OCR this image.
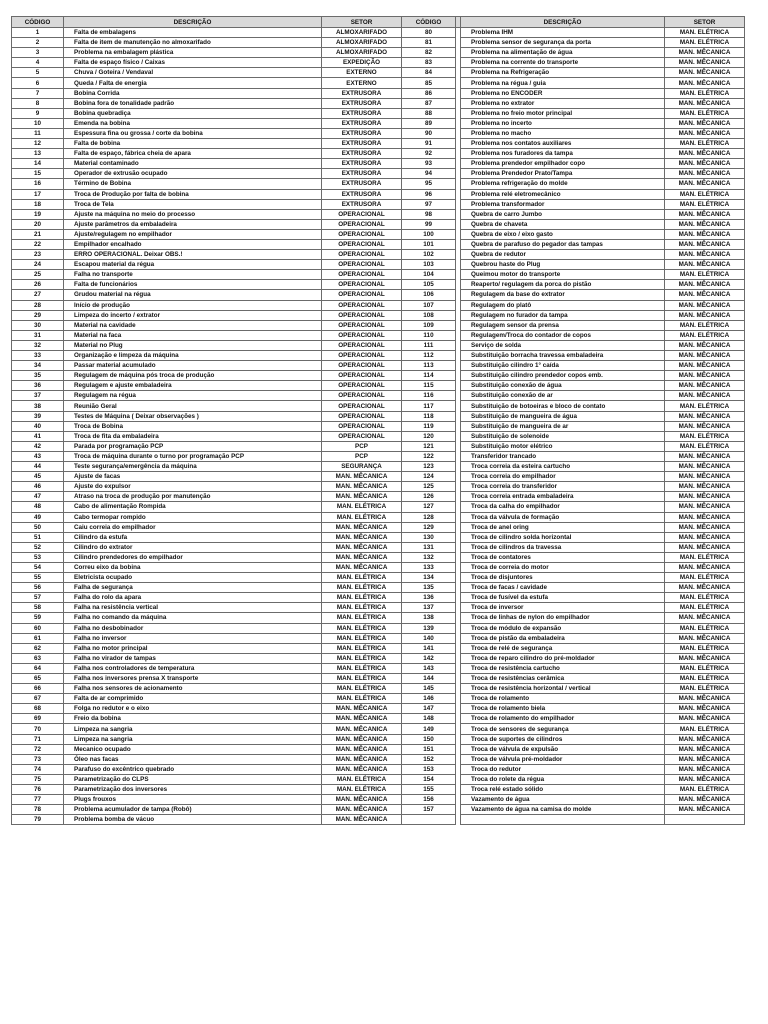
CÓDIGO	DESCRIÇÃO	SETOR	CÓDIGO		DESCRIÇÃO	SETOR
1	Falta de embalagens	ALMOXARIFADO	80		Problema IHM	MAN. ELÉTRICA
2	Falta de item de manutenção no almoxarifado	ALMOXARIFADO	81		Problema sensor de segurança da porta	MAN. ELÉTRICA
3	Problema na embalagem plástica	ALMOXARIFADO	82		Problema na alimentação de água	MAN. MÊCANICA
4	Falta de espaço físico / Caixas	EXPEDIÇÃO	83		Problema na corrente do transporte	MAN. MÊCANICA
5	Chuva / Goteira / Vendaval	EXTERNO	84		Problema na Refrigeração	MAN. MÊCANICA
6	Queda / Falta de energia	EXTERNO	85		Problema na régua / guia	MAN. MÊCANICA
7	Bobina Corrida	EXTRUSORA	86		Problema no ENCODER	MAN. ELÉTRICA
8	Bobina fora de tonalidade padrão	EXTRUSORA	87		Problema no extrator	MAN. MÊCANICA
9	Bobina quebradiça	EXTRUSORA	88		Problema no freio motor principal	MAN. ELÉTRICA
10	Emenda na bobina	EXTRUSORA	89		Problema no incerto	MAN. MÊCANICA
11	Espessura fina ou grossa / corte da bobina	EXTRUSORA	90		Problema no macho	MAN. MÊCANICA
12	Falta de bobina	EXTRUSORA	91		Problema nos contatos auxiliares	MAN. ELÉTRICA
13	Falta de espaço, fábrica cheia de apara	EXTRUSORA	92		Problema nos furadores da tampa	MAN. MÊCANICA
14	Material contaminado	EXTRUSORA	93		Problema prendedor empilhador copo	MAN. MÊCANICA
15	Operador de extrusão ocupado	EXTRUSORA	94		Problema Prendedor Prato/Tampa	MAN. MÊCANICA
16	Término de Bobina	EXTRUSORA	95		Problema refrigeração do molde	MAN. MÊCANICA
17	Troca de Produção por falta de bobina	EXTRUSORA	96		Problema relé eletromecânico	MAN. ELÉTRICA
18	Troca de Tela	EXTRUSORA	97		Problema transformador	MAN. ELÉTRICA
19	Ajuste na máquina no meio do processo	OPERACIONAL	98		Quebra de carro Jumbo	MAN. MÊCANICA
20	Ajuste parâmetros da embaladeira	OPERACIONAL	99		Quebra de chaveta	MAN. MÊCANICA
21	Ajuste/regulagem no empilhador	OPERACIONAL	100		Quebra de eixo / eixo gasto	MAN. MÊCANICA
22	Empilhador encalhado	OPERACIONAL	101		Quebra de parafuso do pegador das tampas	MAN. MÊCANICA
23	ERRO OPERACIONAL. Deixar OBS.!	OPERACIONAL	102		Quebra de redutor	MAN. MÊCANICA
24	Escapou material da régua	OPERACIONAL	103		Quebrou haste do Plug	MAN. MÊCANICA
25	Falha no transporte	OPERACIONAL	104		Queimou motor do transporte	MAN. ELÉTRICA
26	Falta de funcionários	OPERACIONAL	105		Reaperto/ regulagem da porca do pistão	MAN. MÊCANICA
27	Grudou material na régua	OPERACIONAL	106		Regulagem da base do extrator	MAN. MÊCANICA
28	Início de produção	OPERACIONAL	107		Regulagem do platô	MAN. MÊCANICA
29	Limpeza do incerto / extrator	OPERACIONAL	108		Regulagem no furador da tampa	MAN. MÊCANICA
30	Material na cavidade	OPERACIONAL	109		Regulagem sensor da prensa	MAN. ELÉTRICA
31	Material na faca	OPERACIONAL	110		Regulagem/Troca do contador de copos	MAN. ELÉTRICA
32	Material no Plug	OPERACIONAL	111		Serviço de solda	MAN. MÊCANICA
33	Organização e limpeza da máquina	OPERACIONAL	112		Substituição borracha travessa embaladeira	MAN. MÊCANICA
34	Passar material acumulado	OPERACIONAL	113		Substituição cilindro 1° caída	MAN. MÊCANICA
35	Regulagem de máquina pós troca de produção	OPERACIONAL	114		Substituição cilindro prendedor copos emb.	MAN. MÊCANICA
36	Regulagem e ajuste embaladeira	OPERACIONAL	115		Substituição conexão de água	MAN. MÊCANICA
37	Regulagem na régua	OPERACIONAL	116		Substituição conexão de ar	MAN. MÊCANICA
38	Reunião Geral	OPERACIONAL	117		Substituição de botoeiras e bloco de contato	MAN. ELÉTRICA
39	Testes de Máquina ( Deixar observações )	OPERACIONAL	118		Substituição de mangueira de água	MAN. MÊCANICA
40	Troca de Bobina	OPERACIONAL	119		Substituição de mangueira de ar	MAN. MÊCANICA
41	Troca de fita da embaladeira	OPERACIONAL	120		Substituição de solenoide	MAN. ELÉTRICA
42	Parada por programação PCP	PCP	121		Substituição motor elétrico	MAN. ELÉTRICA
43	Troca de máquina durante o turno por programação PCP	PCP	122		Transferidor trancado	MAN. MÊCANICA
44	Teste segurança/emergência da máquina	SEGURANÇA	123		Troca correia da esteira cartucho	MAN. MÊCANICA
45	Ajuste de facas	MAN. MÊCANICA	124		Troca correia do empilhador	MAN. MÊCANICA
46	Ajuste do expulsor	MAN. MÊCANICA	125		Troca correia do transferidor	MAN. MÊCANICA
47	Atraso na troca de produção por manutenção	MAN. MÊCANICA	126		Troca correia entrada embaladeira	MAN. MÊCANICA
48	Cabo de alimentação Rompida	MAN. ELÉTRICA	127		Troca da calha do empilhador	MAN. MÊCANICA
49	Cabo termopar rompido	MAN. ELÉTRICA	128		Troca da válvula de formação	MAN. MÊCANICA
50	Caiu correia do empilhador	MAN. MÊCANICA	129		Troca de anel oring	MAN. MÊCANICA
51	Cilindro da estufa	MAN. MÊCANICA	130		Troca de cilindro solda horizontal	MAN. MÊCANICA
52	Cilindro do extrator	MAN. MÊCANICA	131		Troca de cilindros da travessa	MAN. MÊCANICA
53	Cilindro prendedores do empilhador	MAN. MÊCANICA	132		Troca de contatores	MAN. ELÉTRICA
54	Correu eixo da bobina	MAN. MÊCANICA	133		Troca de correia do motor	MAN. MÊCANICA
55	Eletricista ocupado	MAN. ELÉTRICA	134		Troca de disjuntores	MAN. ELÉTRICA
56	Falha de segurança	MAN. ELÉTRICA	135		Troca de facas / cavidade	MAN. MÊCANICA
57	Falha do rolo da apara	MAN. ELÉTRICA	136		Troca de fusível da estufa	MAN. ELÉTRICA
58	Falha na resistência vertical	MAN. ELÉTRICA	137		Troca de inversor	MAN. ELÉTRICA
59	Falha no comando da máquina	MAN. ELÉTRICA	138		Troca de linhas de nylon do empilhador	MAN. MÊCANICA
60	Falha no desbobinador	MAN. ELÉTRICA	139		Troca de módulo de expansão	MAN. ELÉTRICA
61	Falha no inversor	MAN. ELÉTRICA	140		Troca de pistão da embaladeira	MAN. MÊCANICA
62	Falha no motor principal	MAN. ELÉTRICA	141		Troca de relé de segurança	MAN. ELÉTRICA
63	Falha no virador de tampas	MAN. ELÉTRICA	142		Troca de reparo cilindro do pré-moldador	MAN. MÊCANICA
64	Falha nos controladores de temperatura	MAN. ELÉTRICA	143		Troca de resistência cartucho	MAN. ELÉTRICA
65	Falha nos inversores prensa X transporte	MAN. ELÉTRICA	144		Troca de resistências cerâmica	MAN. ELÉTRICA
66	Falha nos sensores de acionamento	MAN. ELÉTRICA	145		Troca de resistência horizontal / vertical	MAN. ELÉTRICA
67	Falta de ar comprimido	MAN. ELÉTRICA	146		Troca de rolamento	MAN. MÊCANICA
68	Folga no redutor e o eixo	MAN. MÊCANICA	147		Troca de rolamento biela	MAN. MÊCANICA
69	Freio da bobina	MAN. MÊCANICA	148		Troca de rolamento do empilhador	MAN. MÊCANICA
70	Limpeza na sangria	MAN. MÊCANICA	149		Troca de sensores de segurança	MAN. ELÉTRICA
71	Limpeza na sangria	MAN. MÊCANICA	150		Troca de suportes de cilindros	MAN. MÊCANICA
72	Mecanico ocupado	MAN. MÊCANICA	151		Troca de válvula de expulsão	MAN. MÊCANICA
73	Óleo nas facas	MAN. MÊCANICA	152		Troca de válvula pré-moldador	MAN. MÊCANICA
74	Parafuso do excêntrico quebrado	MAN. MÊCANICA	153		Troca do redutor	MAN. MÊCANICA
75	Parametrização do CLPS	MAN. ELÉTRICA	154		Troca do rolete da régua	MAN. MÊCANICA
76	Parametrização dos inversores	MAN. ELÉTRICA	155		Troca relé estado sólido	MAN. ELÉTRICA
77	Plugs frouxos	MAN. MÊCANICA	156		Vazamento de água	MAN. MÊCANICA
78	Problema acumulador de tampa (Robô)	MAN. MÊCANICA	157		Vazamento de água na camisa do molde	MAN. MÊCANICA
79	Problema bomba de vácuo	MAN. MÊCANICA				
